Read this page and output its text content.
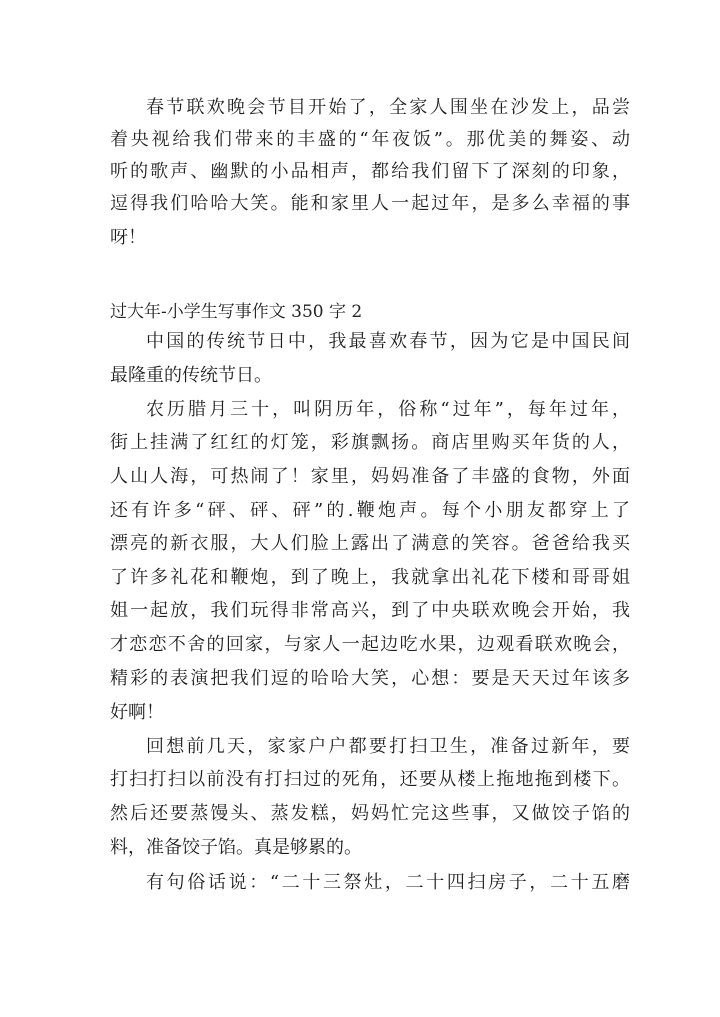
春节联欢晚会节目开始了，全家人围坐在沙发上，品尝
着央视给我们带来的丰盛的“年夜饭”。那优美的舞姿、动
听的歌声、幽默的小品相声，都给我们留下了深刻的印象，
逗得我们哈哈大笑。能和家里人一起过年，是多么幸福的事
呀！
过大年-小学生写事作文 350 字 2
中国的传统节日中，我最喜欢春节，因为它是中国民间
最隆重的传统节日。
农历腊月三十，叫阴历年，俗称“过年”，每年过年，
街上挂满了红红的灯笼，彩旗飘扬。商店里购买年货的人，
人山人海，可热闹了！家里，妈妈准备了丰盛的食物，外面
还有许多“砰、砰、砰”的.鞭炮声。每个小朋友都穿上了
漂亮的新衣服，大人们脸上露出了满意的笑容。爸爸给我买
了许多礼花和鞭炮，到了晚上，我就拿出礼花下楼和哥哥姐
姐一起放，我们玩得非常高兴，到了中央联欢晚会开始，我
才恋恋不舍的回家，与家人一起边吃水果，边观看联欢晚会，
精彩的表演把我们逗的哈哈大笑，心想：要是天天过年该多
好啊！
回想前几天，家家户户都要打扫卫生，准备过新年，要
打扫打扫以前没有打扫过的死角，还要从楼上拖地拖到楼下。
然后还要蒸馒头、蒸发糕，妈妈忙完这些事，又做饺子馅的
料，准备饺子馅。真是够累的。
有句俗话说：“二十三祭灶，二十四扫房子，二十五磨
